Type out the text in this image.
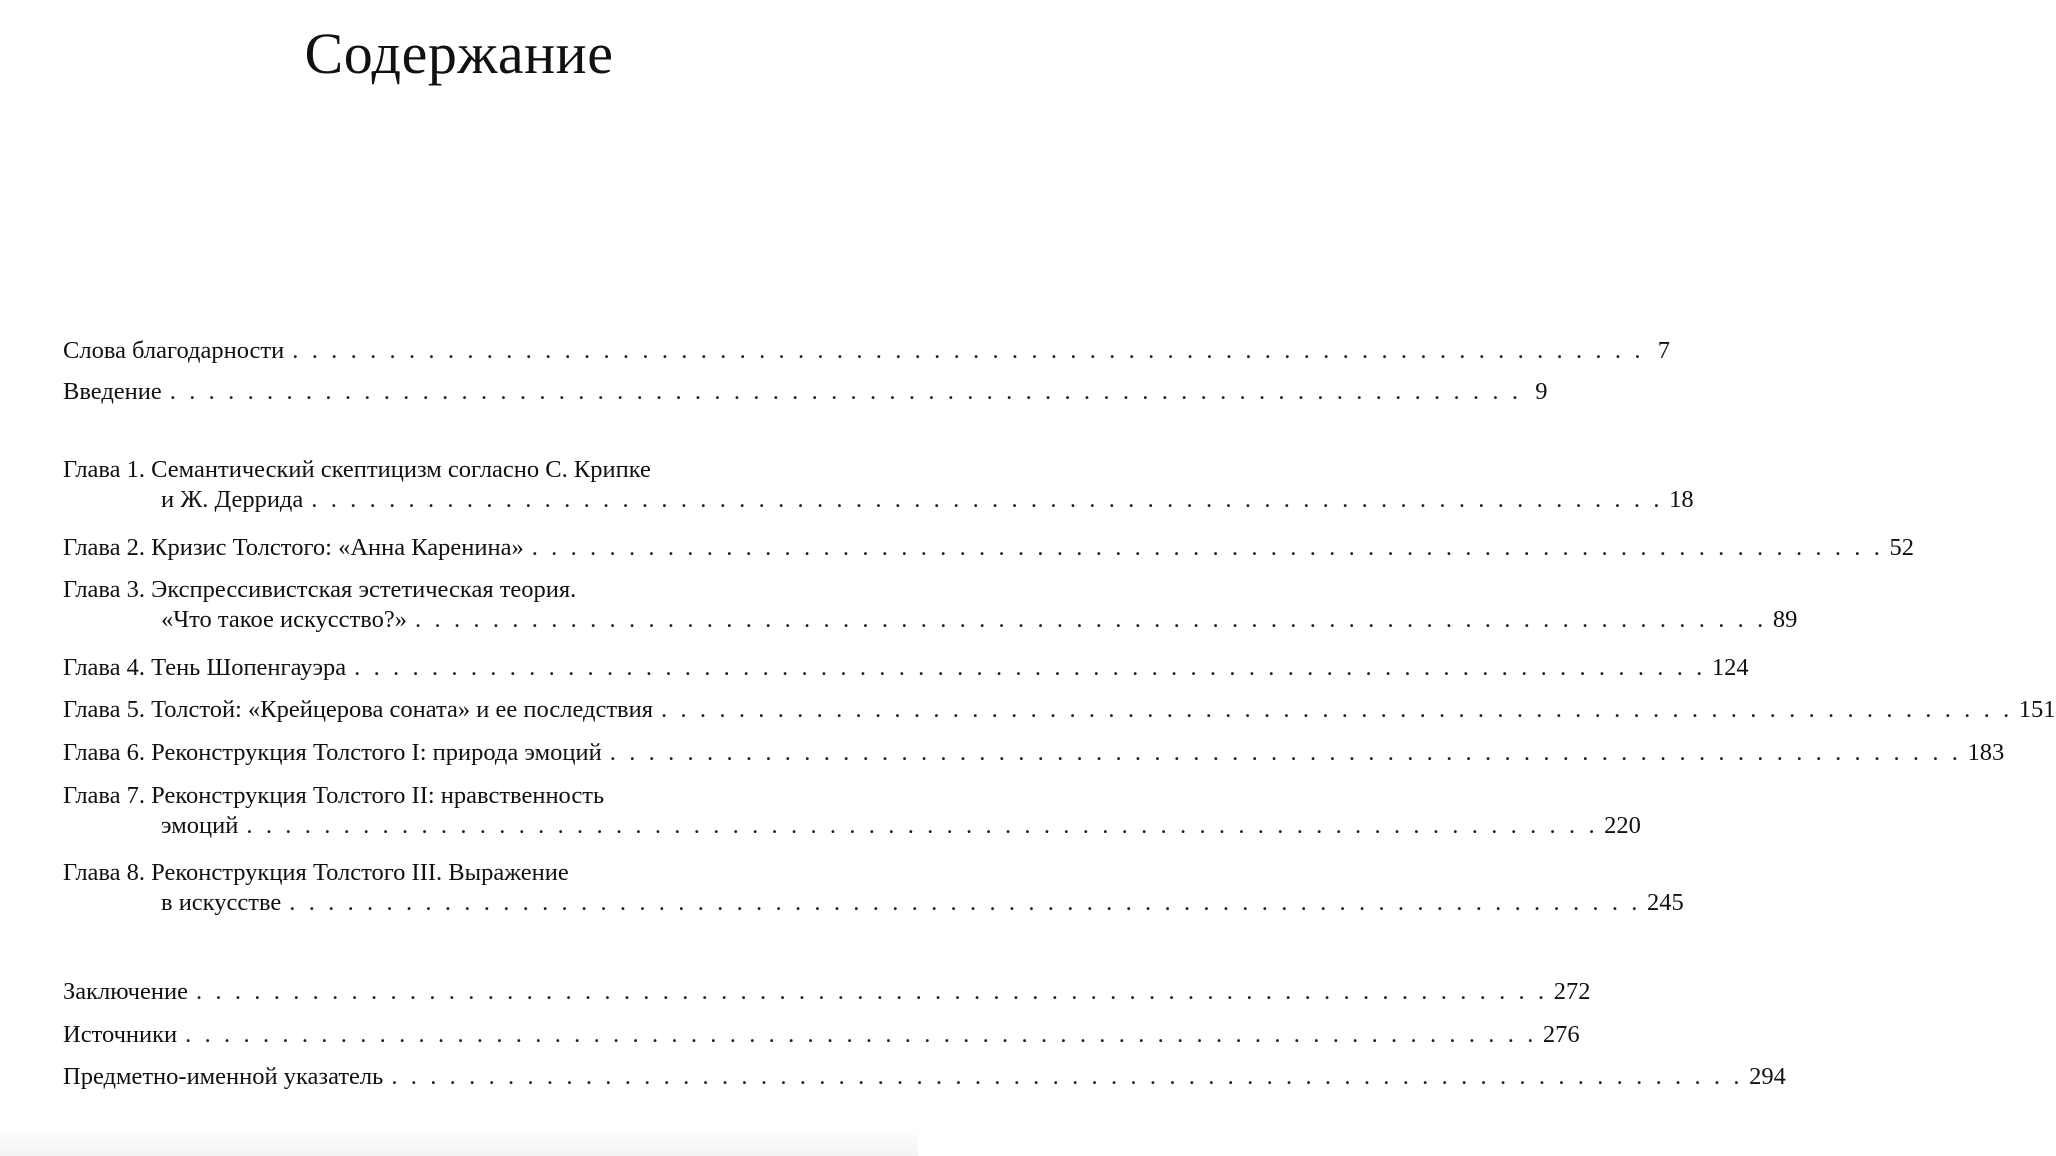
Содержание
Слова благодарности . . . . . . . . . . . . . . . . . . . . . . . . . . . . . . . . . . . . . . . . . . . . . . . . . . . . . . . . . . . . . . . . . . . . . . 7
Введение . . . . . . . . . . . . . . . . . . . . . . . . . . . . . . . . . . . . . . . . . . . . . . . . . . . . . . . . . . . . . . . . . . . . . . 9
Глава 1. Семантический скептицизм согласно С. Крипке
и Ж. Деррида . . . . . . . . . . . . . . . . . . . . . . . . . . . . . . . . . . . . . . . . . . . . . . . . . . . . . . . . . . . . . . . . . . . . . . 18
Глава 2. Кризис Толстого: «Анна Каренина» . . . . . . . . . . . . . . . . . . . . . . . . . . . . . . . . . . . . . . . . . . . . . . . . . . . . . . . . . . . . . . . . . . . . . . 52
Глава 3. Экспрессивистская эстетическая теория.
«Что такое искусство?» . . . . . . . . . . . . . . . . . . . . . . . . . . . . . . . . . . . . . . . . . . . . . . . . . . . . . . . . . . . . . . . . . . . . . . 89
Глава 4. Тень Шопенгауэра . . . . . . . . . . . . . . . . . . . . . . . . . . . . . . . . . . . . . . . . . . . . . . . . . . . . . . . . . . . . . . . . . . . . . . 124
Глава 5. Толстой: «Крейцерова соната» и ее последствия . . . . . . . . . . . . . . . . . . . . . . . . . . . . . . . . . . . . . . . . . . . . . . . . . . . . . . . . . . . . . . . . . . . . . . 151
Глава 6. Реконструкция Толстого I: природа эмоций . . . . . . . . . . . . . . . . . . . . . . . . . . . . . . . . . . . . . . . . . . . . . . . . . . . . . . . . . . . . . . . . . . . . . . 183
Глава 7. Реконструкция Толстого II: нравственность
эмоций . . . . . . . . . . . . . . . . . . . . . . . . . . . . . . . . . . . . . . . . . . . . . . . . . . . . . . . . . . . . . . . . . . . . . . 220
Глава 8. Реконструкция Толстого III. Выражение
в искусстве . . . . . . . . . . . . . . . . . . . . . . . . . . . . . . . . . . . . . . . . . . . . . . . . . . . . . . . . . . . . . . . . . . . . . . 245
Заключение . . . . . . . . . . . . . . . . . . . . . . . . . . . . . . . . . . . . . . . . . . . . . . . . . . . . . . . . . . . . . . . . . . . . . . 272
Источники . . . . . . . . . . . . . . . . . . . . . . . . . . . . . . . . . . . . . . . . . . . . . . . . . . . . . . . . . . . . . . . . . . . . . . 276
Предметно-именной указатель . . . . . . . . . . . . . . . . . . . . . . . . . . . . . . . . . . . . . . . . . . . . . . . . . . . . . . . . . . . . . . . . . . . . . . 294
